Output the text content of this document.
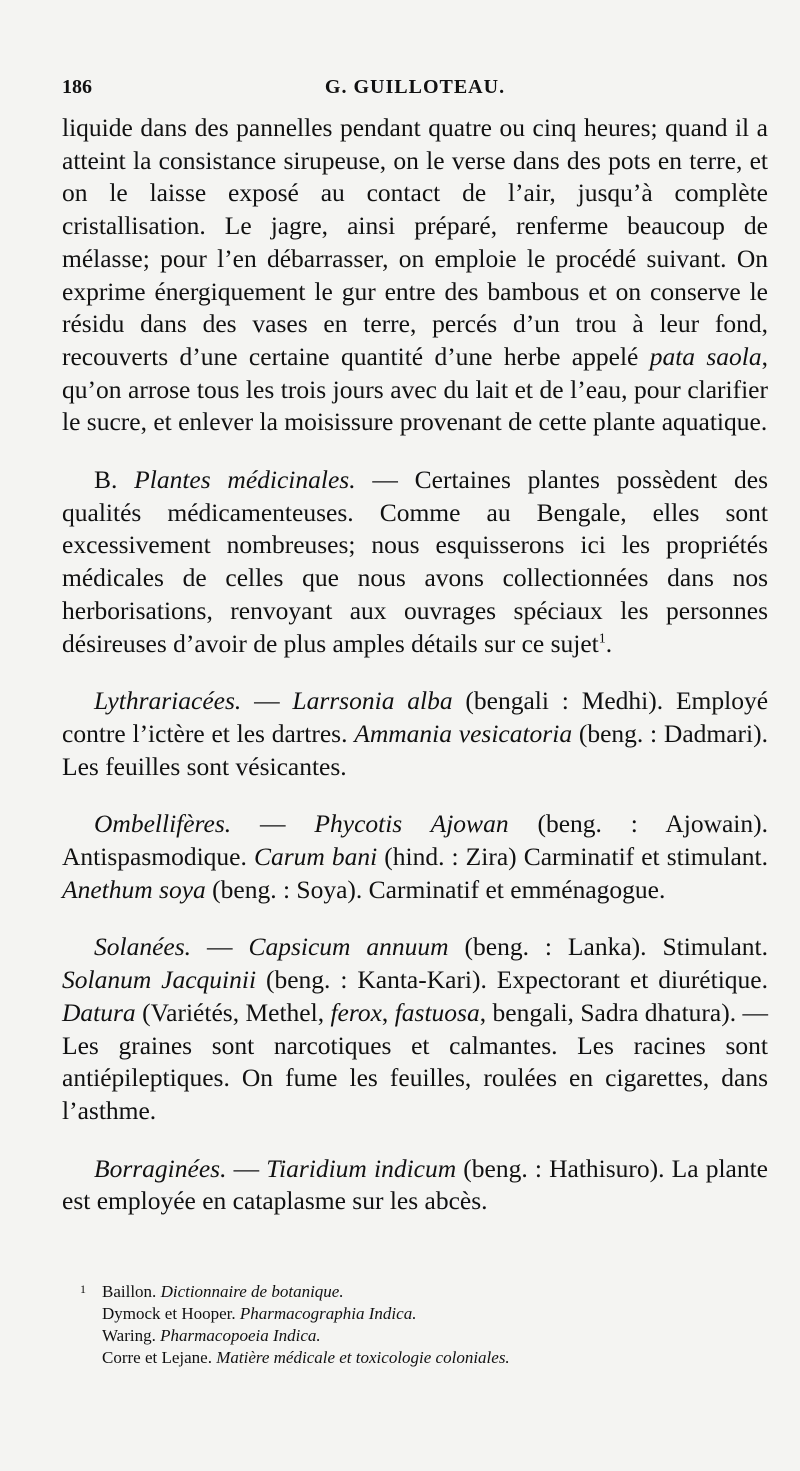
186	G. GUILLOTEAU.

liquide dans des pannelles pendant quatre ou cinq heures; quand il a atteint la consistance sirupeuse, on le verse dans des pots en terre, et on le laisse exposé au contact de l’air, jusqu’à complète cristallisation. Le jagre, ainsi préparé, renferme beaucoup de mélasse; pour l’en débarrasser, on emploie le procédé suivant. On exprime énergiquement le gur entre des bambous et on conserve le résidu dans des vases en terre, percés d’un trou à leur fond, recouverts d’une certaine quantité d’une herbe appelé pata saola, qu’on arrose tous les trois jours avec du lait et de l’eau, pour clarifier le sucre, et enlever la moisissure provenant de cette plante aquatique.

B. Plantes médicinales. — Certaines plantes possèdent des qualités médicamenteuses. Comme au Bengale, elles sont excessivement nombreuses; nous esquisserons ici les propriétés médicales de celles que nous avons collectionnées dans nos herborisations, renvoyant aux ouvrages spéciaux les personnes désireuses d’avoir de plus amples détails sur ce sujet$^1$.

Lythrariacées. — Larrsonia alba (bengali : Medhi). Employé contre l’ictère et les dartres. Ammania vesicatoria (beng. : Dadmari). Les feuilles sont vésicantes.

Ombellifères. — Phycotis Ajowan (beng. : Ajowain). Antispasmodique. Carum bani (hind. : Zira) Carminatif et stimulant. Anethum soya (beng. : Soya). Carminatif et emménagogue.

Solanées. — Capsicum annuum (beng. : Lanka). Stimulant. Solanum Jacquinii (beng. : Kanta-Kari). Expectorant et diurétique. Datura (Variétés, Methel, ferox, fastuosa, bengali, Sadra dhatura). — Les graines sont narcotiques et calmantes. Les racines sont antiépileptiques. On fume les feuilles, roulées en cigarettes, dans l’asthme.

Borraginées. — Tiaridium indicum (beng. : Hathisuro). La plante est employée en cataplasme sur les abcès.

1 Baillon. Dictionnaire de botanique.
Dymock et Hooper. Pharmacographia Indica.
Waring. Pharmacopoeia Indica.
Corre et Lejane. Matière médicale et toxicologie coloniales.
